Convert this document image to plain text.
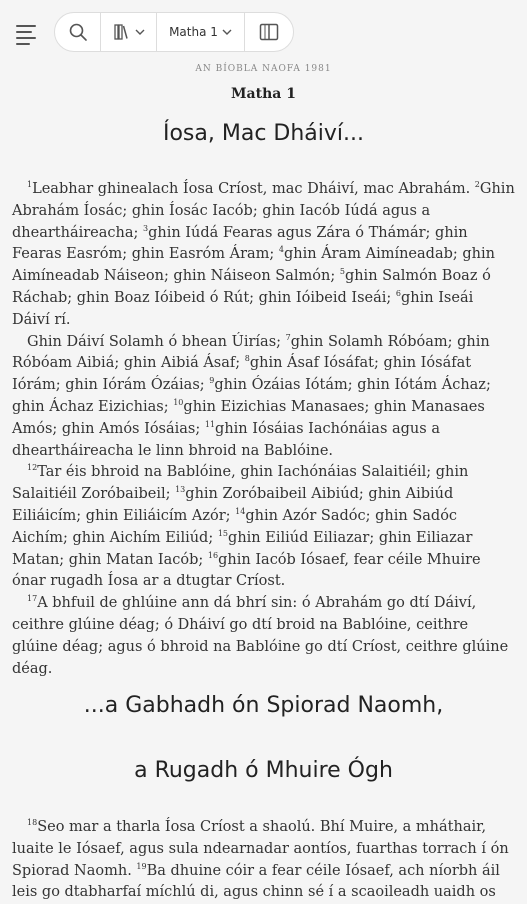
Matha 1
AN BÍOBLA NAOFA 1981
Matha 1
Íosa, Mac Dháiví...

$^1$Leabhar ghinealach Íosa Críost, mac Dháiví, mac Abrahám. $^2$Ghin Abrahám Íosác; ghin Íosác Iacób; ghin Iacób Iúdá agus a dheartháireacha; $^3$ghin Iúdá Fearas agus Zára ó Thámár; ghin Fearas Easróm; ghin Easróm Áram; $^4$ghin Áram Aimíneadab; ghin Aimíneadab Náiseon; ghin Náiseon Salmón; $^5$ghin Salmón Boaz ó Ráchab; ghin Boaz Ióibeid ó Rút; ghin Ióibeid Iseái; $^6$ghin Iseái Dáiví rí.

Ghin Dáiví Solamh ó bhean Úirías; $^7$ghin Solamh Róbóam; ghin Róbóam Aibiá; ghin Aibiá Ásaf; $^8$ghin Ásaf Iósáfat; ghin Iósáfat Iórám; ghin Iórám Ózáias; $^9$ghin Ózáias Iótám; ghin Iótám Áchaz; ghin Áchaz Eizichias; $^{10}$ghin Eizichias Manasaes; ghin Manasaes Amós; ghin Amós Iósáias; $^{11}$ghin Iósáias Iachónáias agus a dheartháireacha le linn bhroid na Bablóine.

$^{12}$Tar éis bhroid na Bablóine, ghin Iachónáias Salaitiéil; ghin Salaitiéil Zoróbaibeil; $^{13}$ghin Zoróbaibeil Aibiúd; ghin Aibiúd Eiliáicím; ghin Eiliáicím Azór; $^{14}$ghin Azór Sadóc; ghin Sadóc Aichím; ghin Aichím Eiliúd; $^{15}$ghin Eiliúd Eiliazar; ghin Eiliazar Matan; ghin Matan Iacób; $^{16}$ghin Iacób Iósaef, fear céile Mhuire ónar rugadh Íosa ar a dtugtar Críost.

$^{17}$A bhfuil de ghlúine ann dá bhrí sin: ó Abrahám go dtí Dáiví, ceithre glúine déag; ó Dháiví go dtí broid na Bablóine, ceithre glúine déag; agus ó bhroid na Bablóine go dtí Críost, ceithre glúine déag.

...a Gabhadh ón Spiorad Naomh,
a Rugadh ó Mhuire Ógh

$^{18}$Seo mar a tharla Íosa Críost a shaolú. Bhí Muire, a mháthair, luaite le Iósaef, agus sula ndearnadar aontíos, fuarthas torrach í ón Spiorad Naomh. $^{19}$Ba dhuine cóir a fear céile Iósaef, ach níorbh áil leis go dtabharfaí míchlú di, agus chinn sé í a scaoileadh uaidh os
